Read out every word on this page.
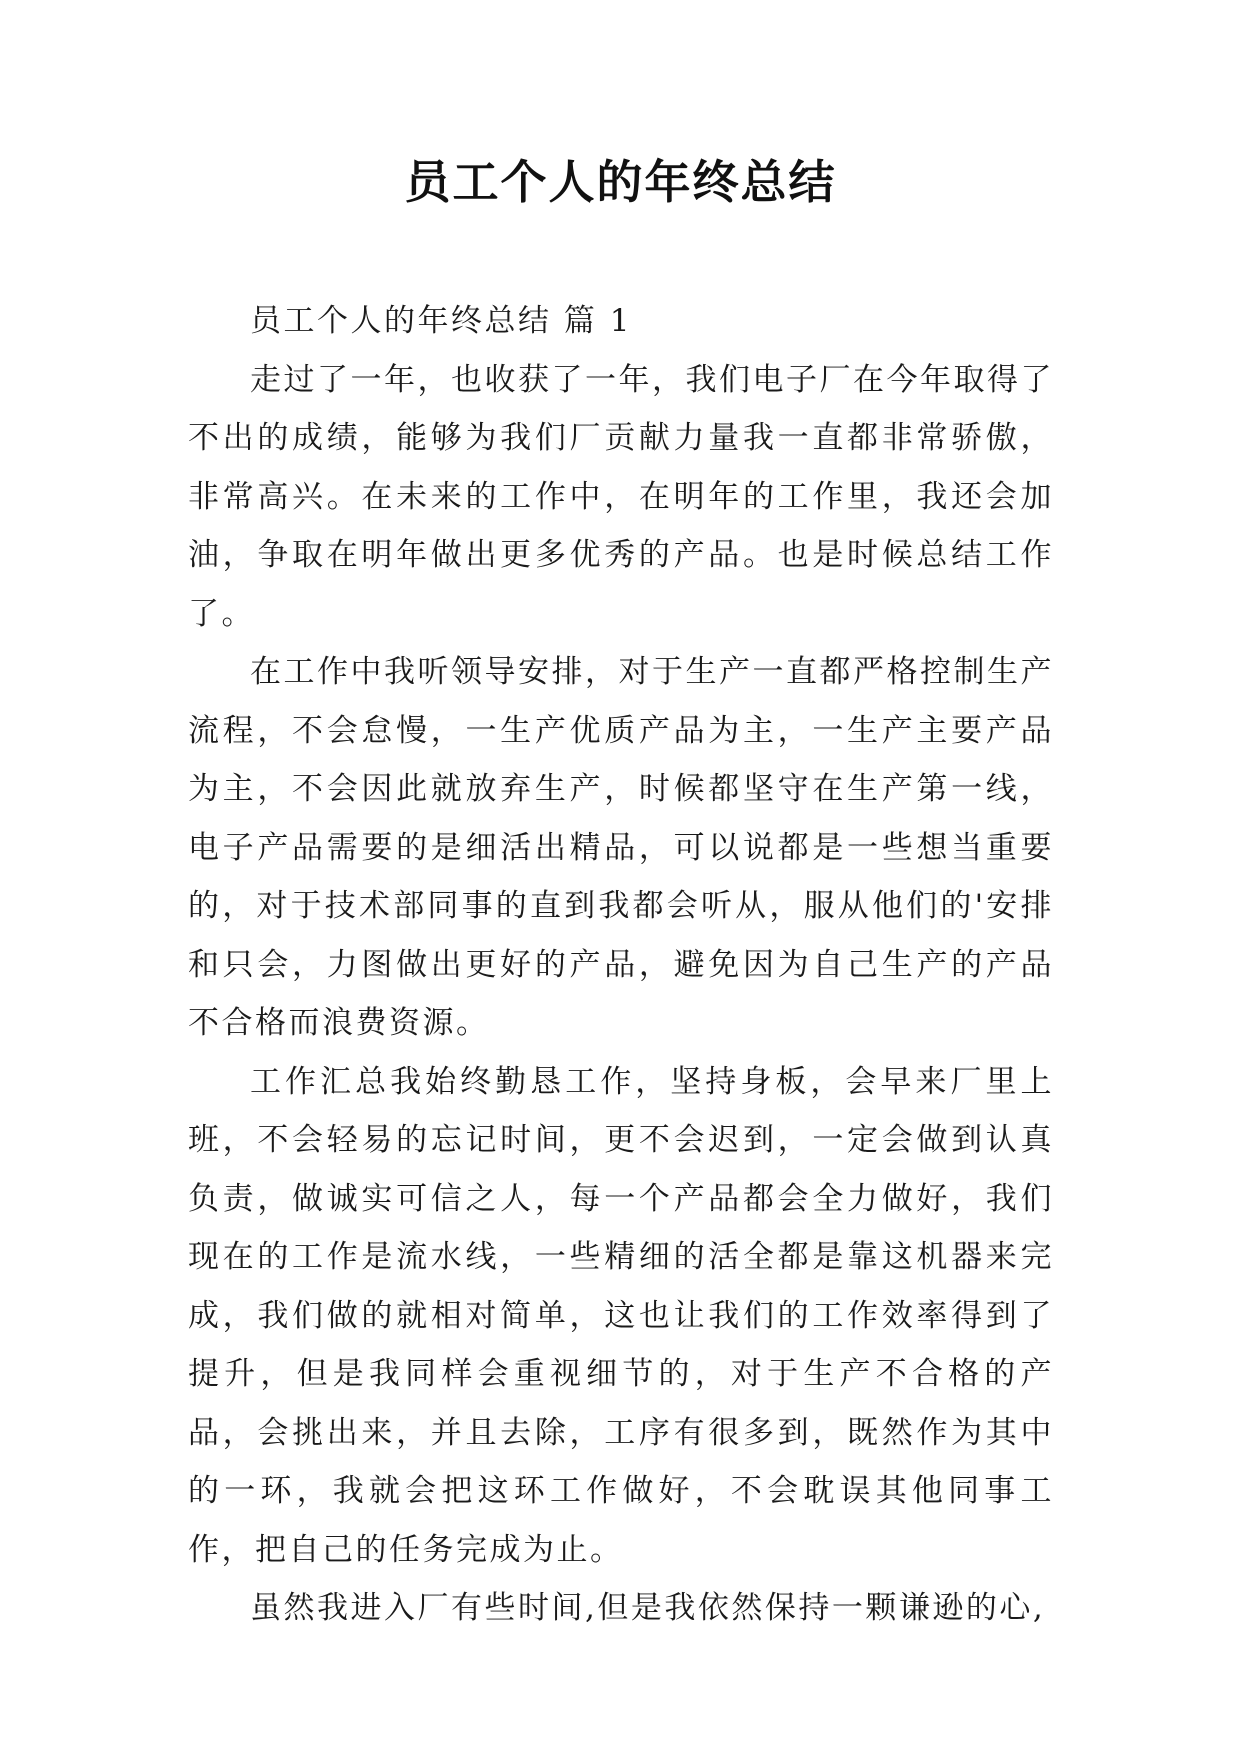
员工个人的年终总结

员工个人的年终总结 篇 1

走过了一年，也收获了一年，我们电子厂在今年取得了不出的成绩，能够为我们厂贡献力量我一直都非常骄傲，非常高兴。在未来的工作中，在明年的工作里，我还会加油，争取在明年做出更多优秀的产品。也是时候总结工作了。

在工作中我听领导安排，对于生产一直都严格控制生产流程，不会怠慢，一生产优质产品为主，一生产主要产品为主，不会因此就放弃生产，时候都坚守在生产第一线，电子产品需要的是细活出精品，可以说都是一些想当重要的，对于技术部同事的直到我都会听从，服从他们的'安排和只会，力图做出更好的产品，避免因为自己生产的产品不合格而浪费资源。

工作汇总我始终勤恳工作，坚持身板，会早来厂里上班，不会轻易的忘记时间，更不会迟到，一定会做到认真负责，做诚实可信之人，每一个产品都会全力做好，我们现在的工作是流水线，一些精细的活全都是靠这机器来完成，我们做的就相对简单，这也让我们的工作效率得到了提升，但是我同样会重视细节的，对于生产不合格的产品，会挑出来，并且去除，工序有很多到，既然作为其中的一环，我就会把这环工作做好，不会耽误其他同事工作，把自己的任务完成为止。

虽然我进入厂有些时间,但是我依然保持一颗谦逊的心,
